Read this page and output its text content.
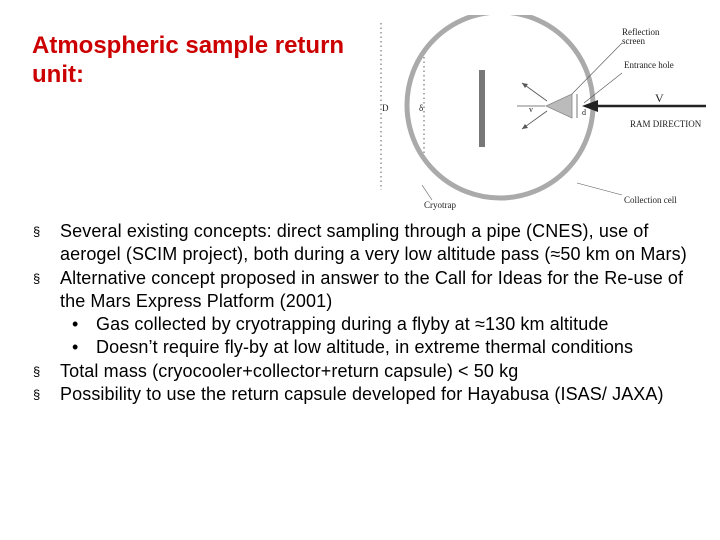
Atmospheric sample return unit:
Reflection
screen
Entrance hole
V
RAM DIRECTION
d
v
D	δ
Cryotrap	Collection cell
§ Several existing concepts: direct sampling through a pipe (CNES), use of aerogel (SCIM project), both during a very low altitude pass (≈50 km on Mars)
§ Alternative concept proposed in answer to the Call for Ideas for the Re-use of the Mars Express Platform (2001)
• Gas collected by cryotrapping during a flyby at ≈130 km altitude
• Doesn’t require fly-by at low altitude, in extreme thermal conditions
§ Total mass (cryocooler+collector+return capsule) < 50 kg
§ Possibility to use the return capsule developed for Hayabusa (ISAS/ JAXA)
